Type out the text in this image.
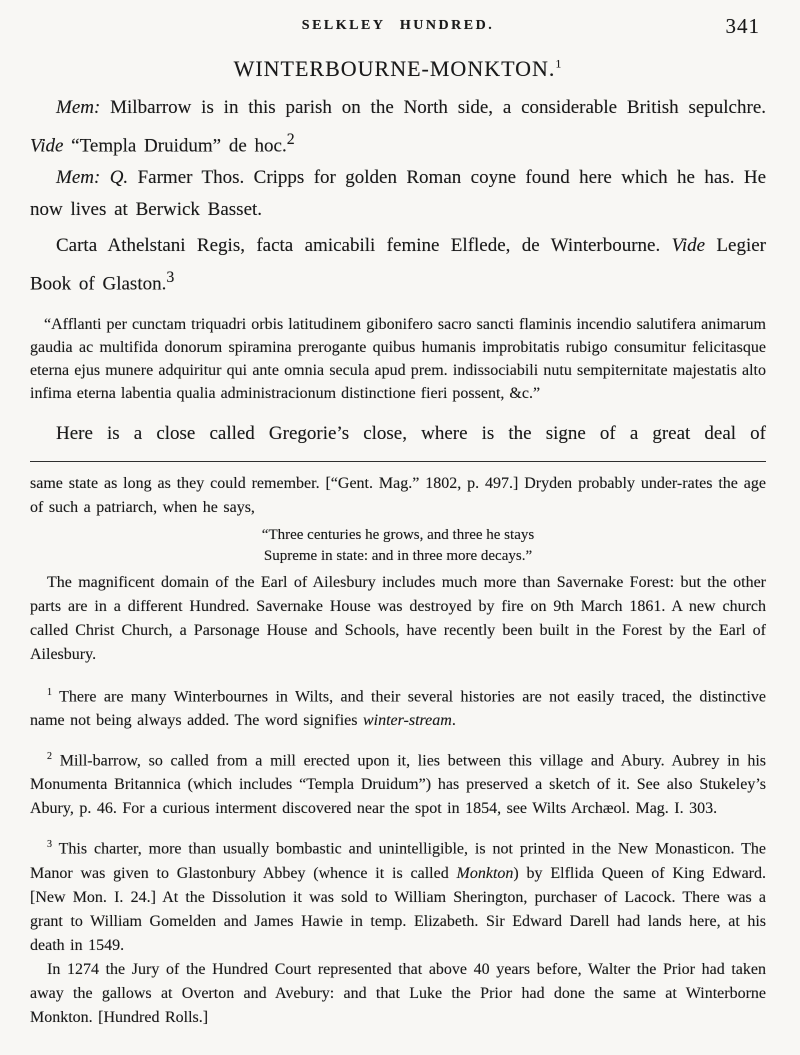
SELKLEY HUNDRED.	341
WINTERBOURNE-MONKTON.$^1$

Mem: Milbarrow is in this parish on the North side, a considerable British sepulchre. Vide “Templa Druidum” de hoc.$^2$

Mem: Q. Farmer Thos. Cripps for golden Roman coyne found here which he has. He now lives at Berwick Basset.

Carta Athelstani Regis, facta amicabili femine Elflede, de Winterbourne. Vide Legier Book of Glaston.$^3$

“Afflanti per cunctam triquadri orbis latitudinem gibonifero sacro sancti flaminis incendio salutifera animarum gaudia ac multifida donorum spiramina prerogante quibus humanis improbitatis rubigo consumitur felicitasque eterna ejus munere adquiritur qui ante omnia secula apud prem. indissociabili nutu sempiternitate majestatis alto infima eterna labentia qualia administracionum distinctione fieri possent, &c.”

Here is a close called Gregorie’s close, where is the signe of a great deal of

same state as long as they could remember. [“Gent. Mag.” 1802, p. 497.] Dryden probably under-rates the age of such a patriarch, when he says,

“Three centuries he grows, and three he stays
Supreme in state: and in three more decays.”

The magnificent domain of the Earl of Ailesbury includes much more than Savernake Forest: but the other parts are in a different Hundred. Savernake House was destroyed by fire on 9th March 1861. A new church called Christ Church, a Parsonage House and Schools, have recently been built in the Forest by the Earl of Ailesbury.

$^1$ There are many Winterbournes in Wilts, and their several histories are not easily traced, the distinctive name not being always added. The word signifies winter-stream.

$^2$ Mill-barrow, so called from a mill erected upon it, lies between this village and Abury. Aubrey in his Monumenta Britannica (which includes “Templa Druidum”) has preserved a sketch of it. See also Stukeley’s Abury, p. 46. For a curious interment discovered near the spot in 1854, see Wilts Archæol. Mag. I. 303.

$^3$ This charter, more than usually bombastic and unintelligible, is not printed in the New Monasticon. The Manor was given to Glastonbury Abbey (whence it is called Monkton) by Elflida Queen of King Edward. [New Mon. I. 24.] At the Dissolution it was sold to William Sherington, purchaser of Lacock. There was a grant to William Gomelden and James Hawie in temp. Elizabeth. Sir Edward Darell had lands here, at his death in 1549.

In 1274 the Jury of the Hundred Court represented that above 40 years before, Walter the Prior had taken away the gallows at Overton and Avebury: and that Luke the Prior had done the same at Winterborne Monkton. [Hundred Rolls.]
